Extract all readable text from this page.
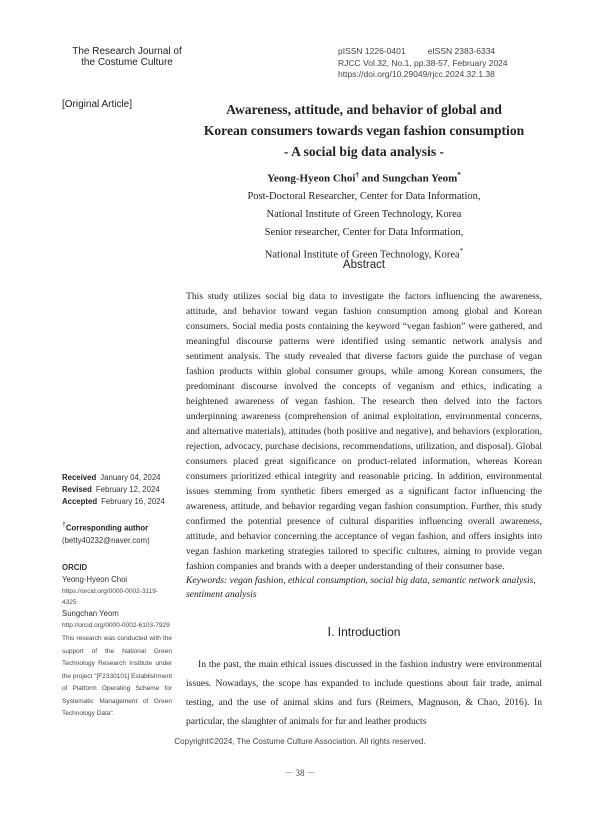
The Research Journal of
the Costume Culture
pISSN 1226-0401	eISSN 2383-6334
RJCC Vol.32, No.1, pp.38-57, February 2024
https://doi.org/10.29049/rjcc.2024.32.1.38
[Original Article]	Awareness, attitude, and behavior of global and
Korean consumers towards vegan fashion consumption
- A social big data analysis -
Yeong-Hyeon Choi† and Sungchan Yeom*
Post-Doctoral Researcher, Center for Data Information,
National Institute of Green Technology, Korea
Senior researcher, Center for Data Information,
National Institute of Green Technology, Korea*
Abstract
This study utilizes social big data to investigate the factors influencing the awareness, attitude, and behavior toward vegan fashion consumption among global and Korean consumers. Social media posts containing the keyword “vegan fashion” were gathered, and meaningful discourse patterns were identified using semantic network analysis and sentiment analysis. The study revealed that diverse factors guide the purchase of vegan fashion products within global consumer groups, while among Korean consumers, the predominant discourse involved the concepts of veganism and ethics, indicating a heightened awareness of vegan fashion. The research then delved into the factors underpinning awareness (comprehension of animal exploitation, environmental concerns, and alternative materials), attitudes (both positive and negative), and behaviors (exploration, rejection, advocacy, purchase decisions, recommendations, utilization, and disposal). Global consumers placed great significance on product-related information, whereas Korean consumers prioritized ethical integrity and reasonable pricing. In addition, environmental issues stemming from synthetic fibers emerged as a significant factor influencing the awareness, attitude, and behavior regarding vegan fashion consumption. Further, this study confirmed the potential presence of cultural disparities influencing overall awareness, attitude, and behavior concerning the acceptance of vegan fashion, and offers insights into vegan fashion marketing strategies tailored to specific cultures, aiming to provide vegan fashion companies and brands with a deeper understanding of their consumer base.
Keywords: vegan fashion, ethical consumption, social big data, semantic network analysis, sentiment analysis
Ⅰ. Introduction
In the past, the main ethical issues discussed in the fashion industry were environmental issues. Nowadays, the scope has expanded to include questions about fair trade, animal testing, and the use of animal skins and furs (Reimers, Magnuson, & Chao, 2016). In particular, the slaughter of animals for fur and leather products
Received January 04, 2024
Revised February 12, 2024
Accepted February 16, 2024
†Corresponding author
(betty40232@naver.com)
ORCID
Yeong-Hyeon Choi
https://orcid.org/0000-0002-3119-4325
Sungchan Yeom
http://orcid.org/0000-0002-6103-7929
This research was conducted with the support of the National Green Technology Research Institute under the project "[F2330101] Establishment of Platform Operating Scheme for Systematic Management of Green Technology Data".
Copyright©2024, The Costume Culture Association. All rights reserved.
－ 38 －
